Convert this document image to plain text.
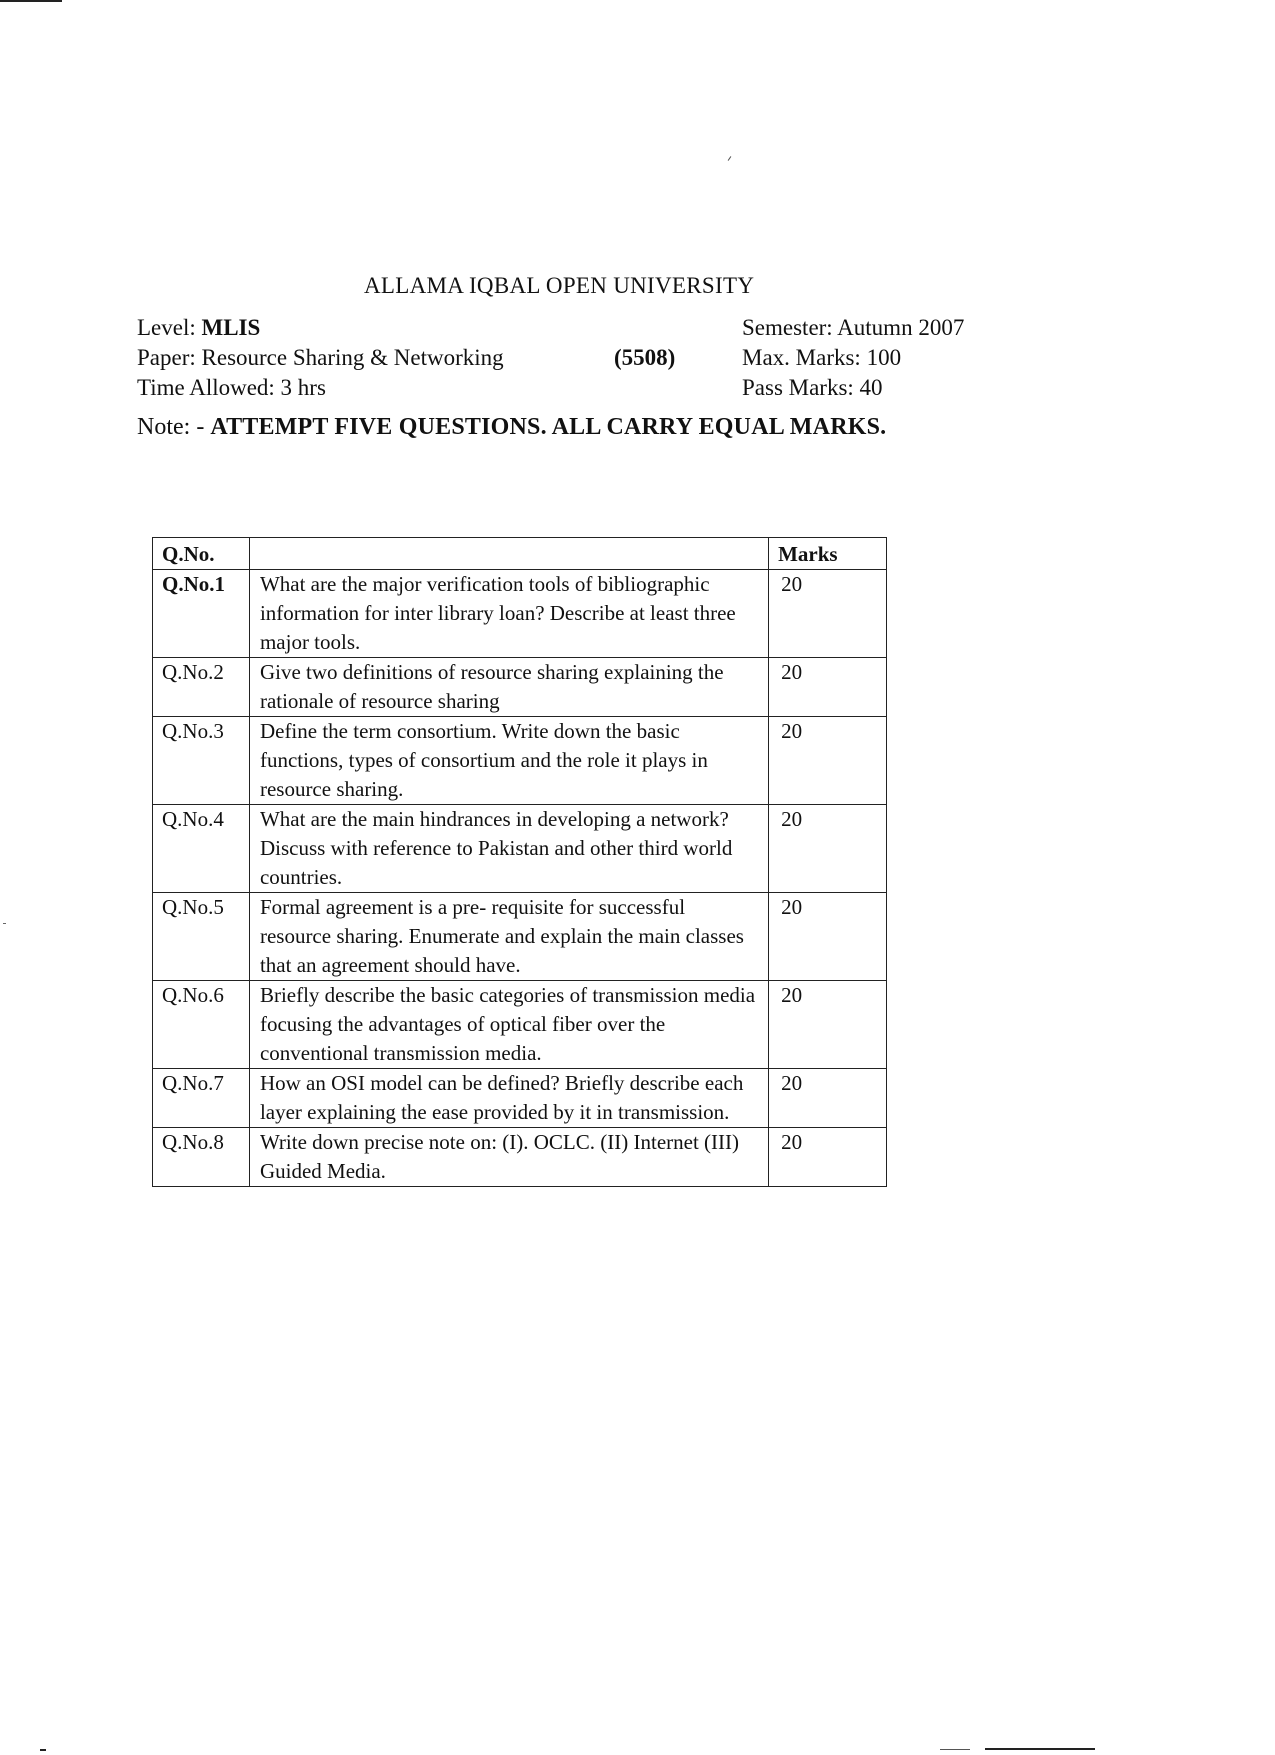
ALLAMA IQBAL OPEN UNIVERSITY
Level: MLIS	Semester: Autumn 2007
Paper: Resource Sharing & Networking	(5508)	Max. Marks: 100
Time Allowed: 3 hrs	Pass Marks: 40
Note: - ATTEMPT FIVE QUESTIONS. ALL CARRY EQUAL MARKS.
Q.No.		Marks
Q.No.1	What are the major verification tools of bibliographic information for inter library loan? Describe at least three major tools.	20
Q.No.2	Give two definitions of resource sharing explaining the rationale of resource sharing	20
Q.No.3	Define the term consortium. Write down the basic functions, types of consortium and the role it plays in resource sharing.	20
Q.No.4	What are the main hindrances in developing a network? Discuss with reference to Pakistan and other third world countries.	20
Q.No.5	Formal agreement is a pre- requisite for successful resource sharing. Enumerate and explain the main classes that an agreement should have.	20
Q.No.6	Briefly describe the basic categories of transmission media focusing the advantages of optical fiber over the conventional transmission media.	20
Q.No.7	How an OSI model can be defined? Briefly describe each layer explaining the ease provided by it in transmission.	20
Q.No.8	Write down precise note on: (I). OCLC. (II) Internet (III) Guided Media.	20
